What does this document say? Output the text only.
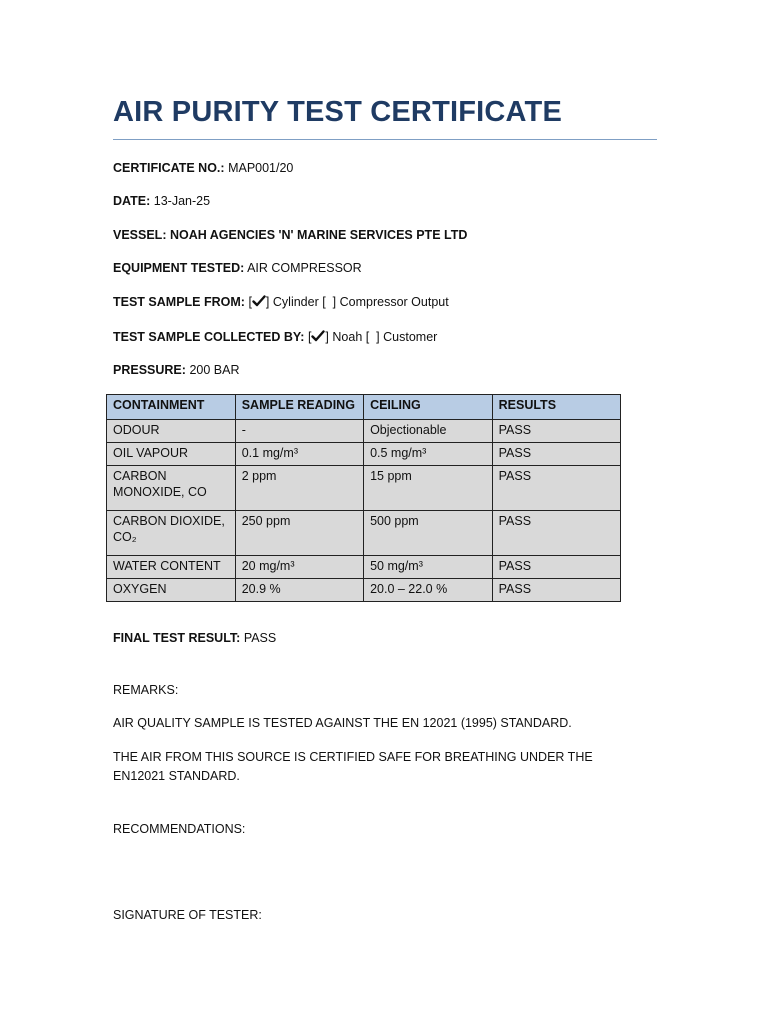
AIR PURITY TEST CERTIFICATE
CERTIFICATE NO.: MAP001/20
DATE: 13-Jan-25
VESSEL: NOAH AGENCIES 'N' MARINE SERVICES PTE LTD
EQUIPMENT TESTED: AIR COMPRESSOR
TEST SAMPLE FROM: [ ] Cylinder [  ] Compressor Output
TEST SAMPLE COLLECTED BY: [ ] Noah [  ] Customer
PRESSURE: 200 BAR
CONTAINMENT	SAMPLE READING	CEILING	RESULTS
ODOUR	-	Objectionable	PASS
OIL VAPOUR	0.1 mg/m³	0.5 mg/m³	PASS
CARBON MONOXIDE, CO	2 ppm	15 ppm	PASS
CARBON DIOXIDE, CO₂	250 ppm	500 ppm	PASS
WATER CONTENT	20 mg/m³	50 mg/m³	PASS
OXYGEN	20.9 %	20.0 – 22.0 %	PASS
FINAL TEST RESULT: PASS
REMARKS:
AIR QUALITY SAMPLE IS TESTED AGAINST THE EN 12021 (1995) STANDARD.
THE AIR FROM THIS SOURCE IS CERTIFIED SAFE FOR BREATHING UNDER THE EN12021 STANDARD.
RECOMMENDATIONS:
SIGNATURE OF TESTER:
